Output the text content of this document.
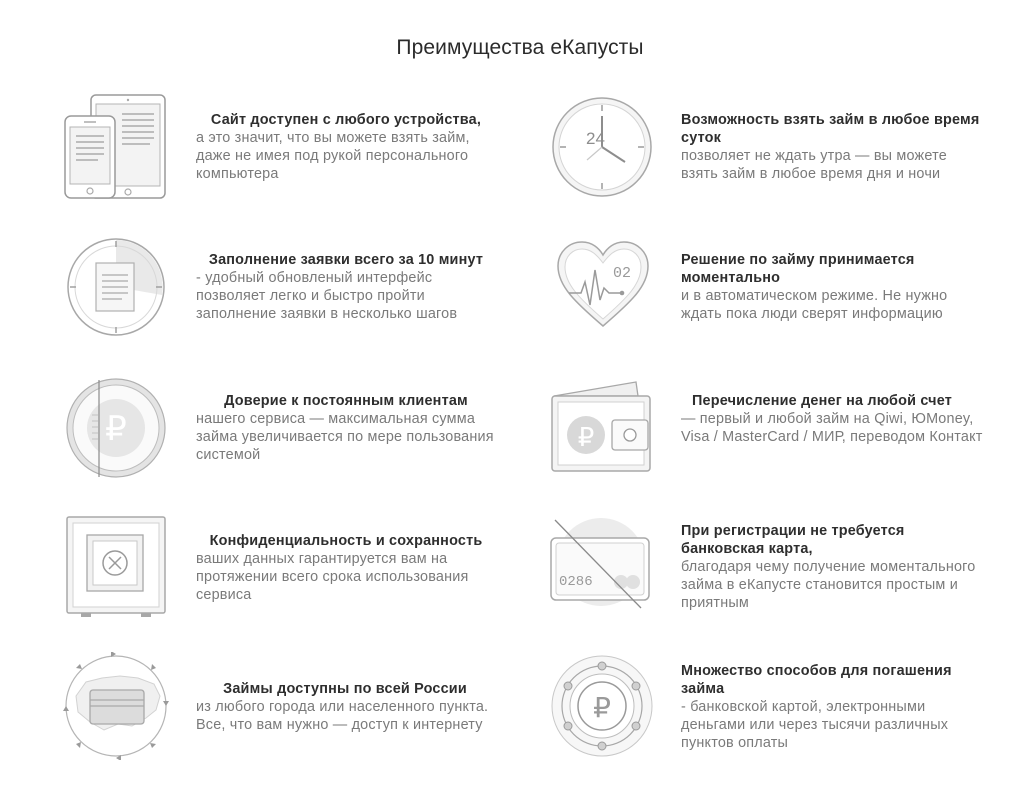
Преимущества еКапусты
Сайт доступен с любого устройства,
а это значит, что вы можете взять займ, даже не имея под рукой персонального компьютера
24
Возможность взять займ в любое время суток
позволяет не ждать утра — вы можете взять займ в любое время дня и ночи
Заполнение заявки всего за 10 минут
- удобный обновленый интерфейс позволяет легко и быстро пройти заполнение заявки в несколько шагов
02
Решение по займу принимается моментально
и в автоматическом режиме. Не нужно ждать пока люди сверят информацию
₽
Доверие к постоянным клиентам
нашего сервиса — максимальная сумма займа увеличивается по мере пользования системой
₽
Перечисление денег на любой счет
— первый и любой займ на Qiwi, ЮMoney, Visa / MasterCard / МИР, переводом Контакт
Конфиденциальность и сохранность
ваших данных гарантируется вам на протяжении всего срока использования сервиса
0286
При регистрации не требуется банковская карта,
благодаря чему получение моментального займа в еКапусте становится простым и приятным
Займы доступны по всей России
из любого города или населенного пункта. Все, что вам нужно — доступ к интернету
₽
Множество способов для погашения займа
- банковской картой, электронными деньгами или через тысячи различных пунктов оплаты
